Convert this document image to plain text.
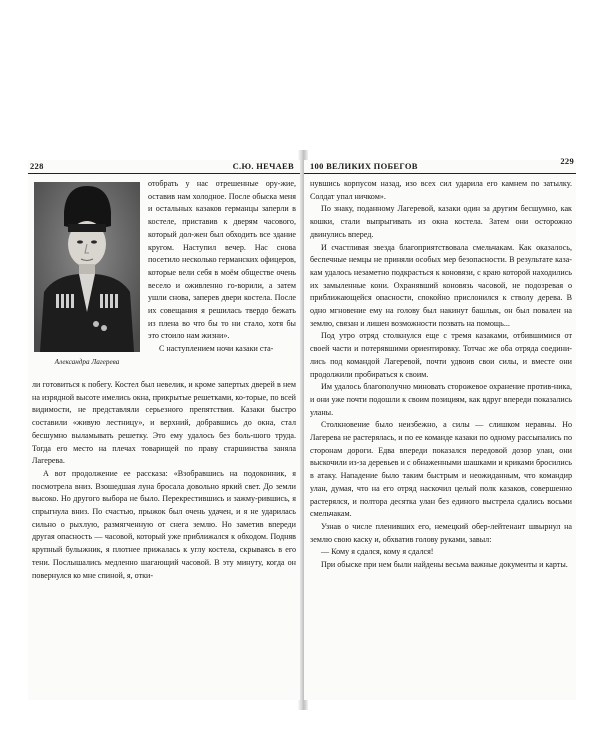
228	С.Ю. НЕЧАЕВ
Александра Лагерева

отобрать у нас отрешенные ору-жие, оставив нам холодное. После обыска меня и остальных казаков германцы заперли в костеле, приставив к дверям часового, который дол-жен был обходить все здание кругом. Наступил вечер. Нас снова посетило несколько германских офицеров, которые вели себя в моём обществе очень весело и оживленно го-ворили, а затем ушли снова, заперев двери костела. После их совещания я решилась твердо бежать из плена во что бы то ни стало, хотя бы это стоило нам жизни».

С наступлением ночи казаки ста-

ли готовиться к побегу. Костел был невелик, и кроме запертых дверей в нем на изрядной высоте имелись окна, прикрытые решетками, ко-торые, по всей видимости, не представляли серьезного препятствия. Казаки быстро составили «живую лестницу», и верхний, добравшись до окна, стал бесшумно выламывать решетку. Это ему удалось без боль-шого труда. Тогда его место на плечах товарищей по праву старшинства заняла Лагерева.

А вот продолжение ее рассказа: «Взобравшись на подоконник, я посмотрела вниз. Взошедшая луна бросала довольно яркий свет. До земли высоко. Но другого выбора не было. Перекрестившись и зажму-рившись, я спрыгнула вниз. По счастью, прыжок был очень удачен, и я не ударилась сильно о рыхлую, размягченную от снега землю. Но заметив впереди другая опасность — часовой, который уже приближался к обходом. Подняв крупный булыжник, я плотнее прижалась к углу костела, скрываясь в его тени. Послышались медленно шагающий часовой. В эту минуту, когда он повернулся ко мне спиной, я, отки-

100 ВЕЛИКИХ ПОБЕГОВ	229

нувшись корпусом назад, изо всех сил ударила его камнем по затылку. Солдат упал ничком».

По знаку, поданному Лагеревой, казаки один за другим бесшумно, как кошки, стали выпрыгивать из окна костела. Затем они осторожно двинулись вперед.

И счастливая звезда благоприятствовала смельчакам. Как оказалось, беспечные немцы не приняли особых мер безопасности. В результате каза-кам удалось незаметно подкрасться к коновязи, с краю которой находились их замыленные кони. Охранявший коновязь часовой, не подозревая о приближающейся опасности, спокойно прислонился к стволу дерева. В одно мгновение ему на голову был накинут башлык, он был повален на землю, связан и лишен возможности позвать на помощь...

Под утро отряд столкнулся еще с тремя казаками, отбившимися от своей части и потерявшими ориентировку. Тотчас же оба отряда соедини-лись под командой Лагеревой, почти удвоив свои силы, и вместе они продолжили пробираться к своим.

Им удалось благополучно миновать сторожевое охранение против-ника, и они уже почти подошли к своим позициям, как вдруг впереди показались уланы.

Столкновение было неизбежно, а силы — слишком неравны. Но Лагерева не растерялась, и по ее команде казаки по одному рассыпались по сторонам дороги. Едва впереди показался передовой дозор улан, они выскочили из-за деревьев и с обнаженными шашками и криками бросились в атаку. Нападение было таким быстрым и неожиданным, что командир улан, думая, что на его отряд наскочил целый полк казаков, совершенно растерялся, и полтора десятка улан без единого выстрела сдались восьми смельчакам.

Узнав о числе пленивших его, немецкий обер-лейтенант швырнул на землю свою каску и, обхватив голову руками, завыл:

— Кому я сдался, кому я сдался!

При обыске при нем были найдены весьма важные документы и карты.
